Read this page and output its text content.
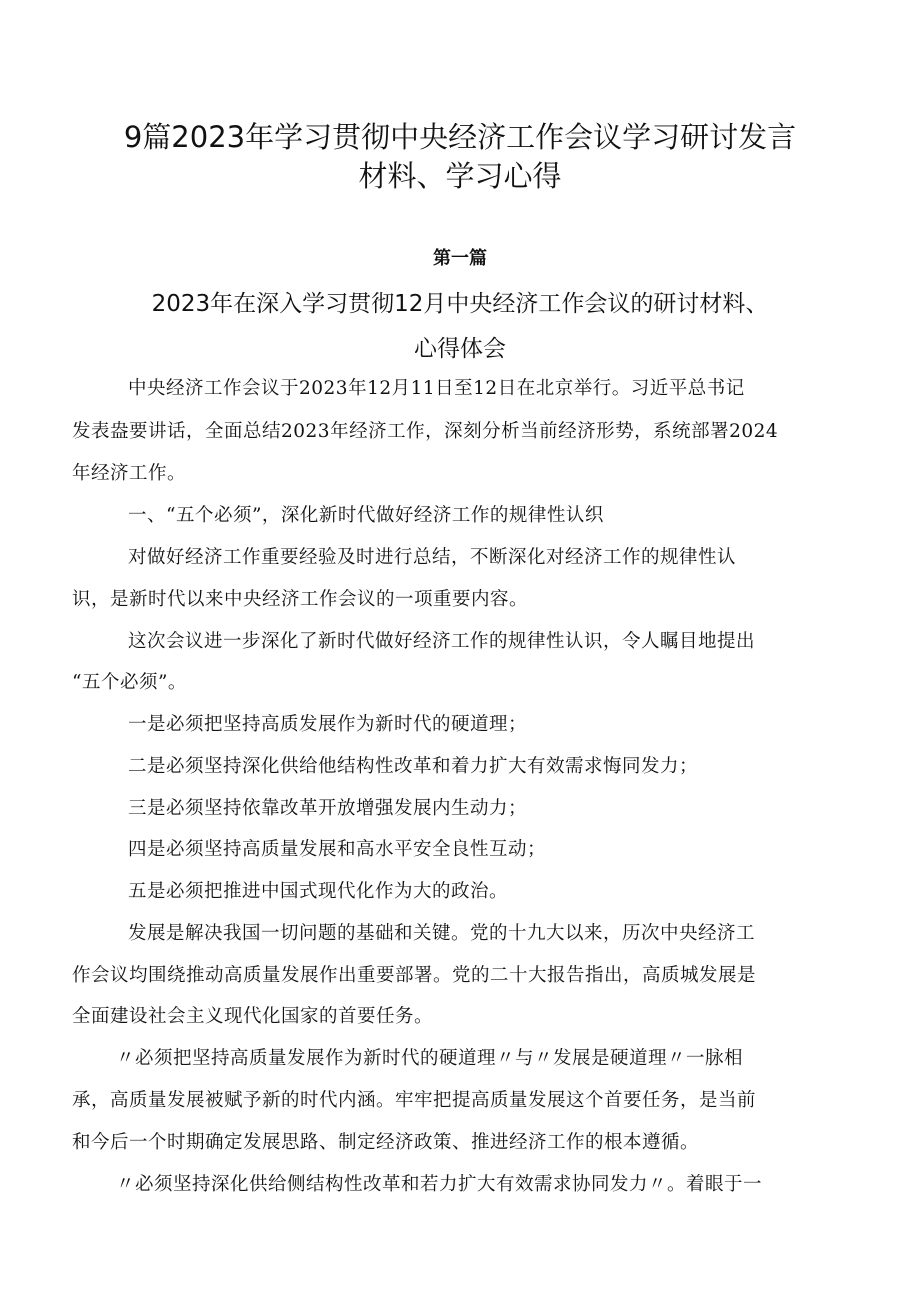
9篇2023年学习贯彻中央经济工作会议学习研讨发言
材料、学习心得
第一篇
2023年在深入学习贯彻12月中央经济工作会议的研讨材料、
心得体会
中央经济工作会议于2023年12月11日至12日在北京举行。习近平总书记
发表盎要讲话，全面总结2023年经济工作，深刻分析当前经济形势，系统部署2024
年经济工作。
一、“五个必须”，深化新时代做好经济工作的规律性认织
对做好经济工作重要经验及时进行总结，不断深化对经济工作的规律性认
识，是新时代以来中央经济工作会议的一项重要内容。
这次会议进一步深化了新时代做好经济工作的规律性认识，令人瞩目地提出
“五个必须”。
一是必须把坚持高质发展作为新时代的硬道理；
二是必须坚持深化供给他结构性改革和着力扩大有效需求悔同发力；
三是必须坚持依靠改革开放增强发展内生动力；
四是必须坚持高质量发展和高水平安全良性互动；
五是必须把推进中国式现代化作为大的政治。
发展是解决我国一切问题的基础和关键。党的十九大以来，历次中央经济工
作会议均围绕推动高质量发展作出重要部署。党的二十大报告指出，高质城发展是
全面建设社会主义现代化国家的首要任务。
〃必须把坚持高质量发展作为新时代的硬道理〃与〃发展是硬道理〃一脉相
承，高质量发展被赋予新的时代内涵。牢牢把提高质量发展这个首要任务，是当前
和今后一个时期确定发展思路、制定经济政策、推进经济工作的根本遵循。
〃必须坚持深化供给侧结构性改革和若力扩大有效需求协同发力〃。着眼于一
